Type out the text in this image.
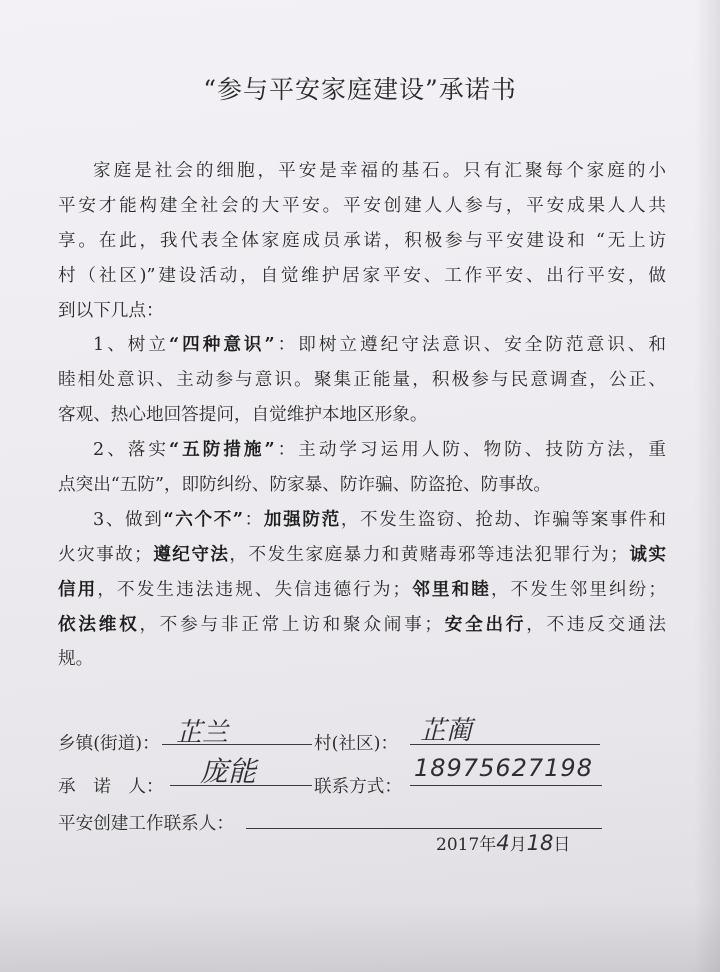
“参与平安家庭建设”承诺书
家庭是社会的细胞，平安是幸福的基石。只有汇聚每个家庭的小
平安才能构建全社会的大平安。平安创建人人参与，平安成果人人共
享。在此，我代表全体家庭成员承诺，积极参与平安建设和 “无上访
村（社区)”建设活动，自觉维护居家平安、工作平安、出行平安，做
到以下几点：
1、树立“四种意识”：即树立遵纪守法意识、安全防范意识、和
睦相处意识、主动参与意识。聚集正能量，积极参与民意调查，公正、
客观、热心地回答提问，自觉维护本地区形象。
2、落实“五防措施”：主动学习运用人防、物防、技防方法，重
点突出“五防”，即防纠纷、防家暴、防诈骗、防盗抢、防事故。
3、做到“六个不”：加强防范，不发生盗窃、抢劫、诈骗等案事件和
火灾事故；遵纪守法，不发生家庭暴力和黄赌毒邪等违法犯罪行为；诚实
信用，不发生违法违规、失信违德行为；邻里和睦，不发生邻里纠纷；
依法维权，不参与非正常上访和聚众闹事；安全出行，不违反交通法
规。
乡镇(街道)： 芷兰	村(社区)： 芷蔺
承　诺　人： 庞能	联系方式：
18975627198
平安创建工作联系人：
2017年4月18日
